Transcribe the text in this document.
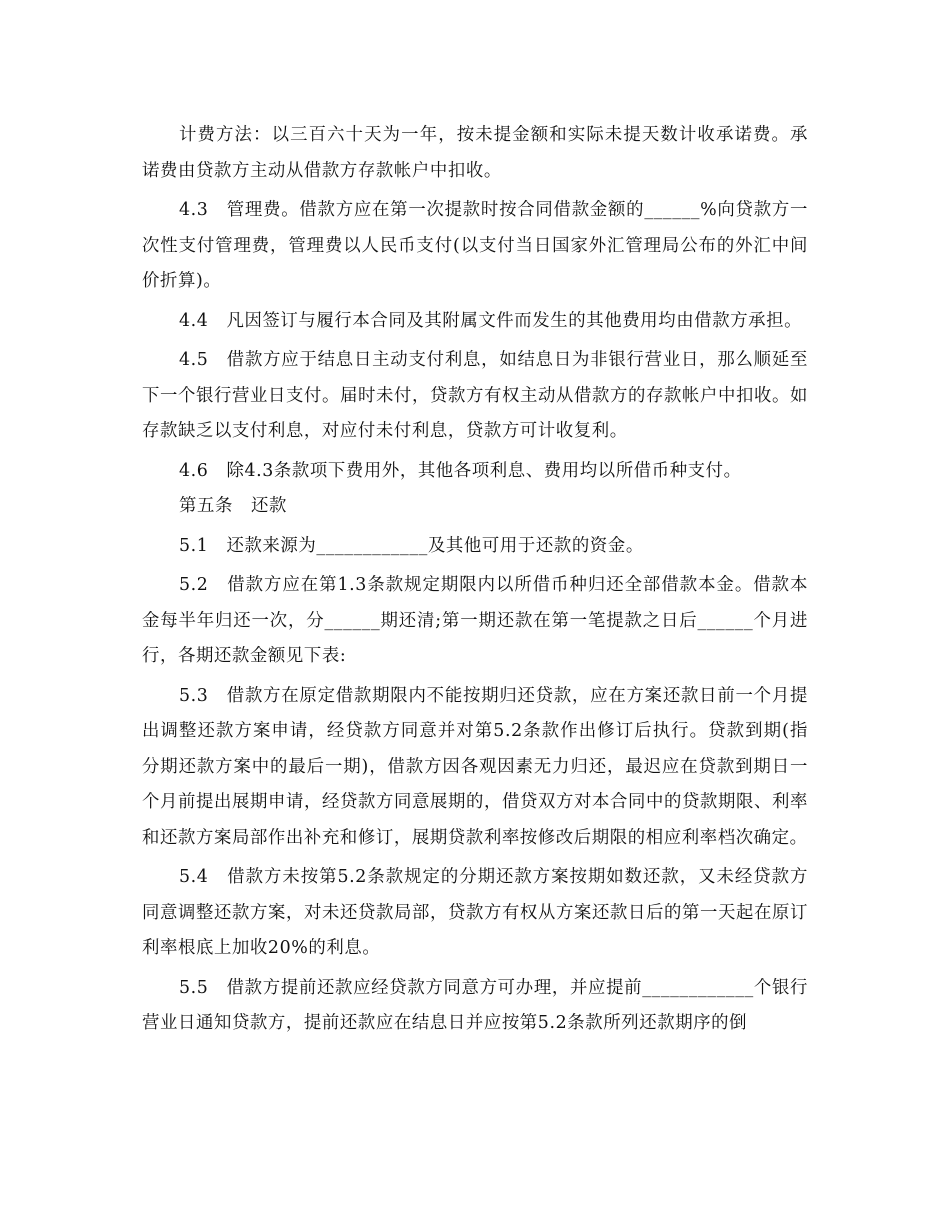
计费方法：以三百六十天为一年，按未提金额和实际未提天数计收承诺费。承诺费由贷款方主动从借款方存款帐户中扣收。

4.3　管理费。借款方应在第一次提款时按合同借款金额的______%向贷款方一次性支付管理费，管理费以人民币支付(以支付当日国家外汇管理局公布的外汇中间价折算)。

4.4　凡因签订与履行本合同及其附属文件而发生的其他费用均由借款方承担。

4.5　借款方应于结息日主动支付利息，如结息日为非银行营业日，那么顺延至下一个银行营业日支付。届时未付，贷款方有权主动从借款方的存款帐户中扣收。如存款缺乏以支付利息，对应付未付利息，贷款方可计收复利。

4.6　除4.3条款项下费用外，其他各项利息、费用均以所借币种支付。

第五条　还款

5.1　还款来源为____________及其他可用于还款的资金。

5.2　借款方应在第1.3条款规定期限内以所借币种归还全部借款本金。借款本金每半年归还一次，分______期还清;第一期还款在第一笔提款之日后______个月进行，各期还款金额见下表:

5.3　借款方在原定借款期限内不能按期归还贷款，应在方案还款日前一个月提出调整还款方案申请，经贷款方同意并对第5.2条款作出修订后执行。贷款到期(指分期还款方案中的最后一期)，借款方因各观因素无力归还，最迟应在贷款到期日一个月前提出展期申请，经贷款方同意展期的，借贷双方对本合同中的贷款期限、利率和还款方案局部作出补充和修订，展期贷款利率按修改后期限的相应利率档次确定。

5.4　借款方未按第5.2条款规定的分期还款方案按期如数还款，又未经贷款方同意调整还款方案，对未还贷款局部，贷款方有权从方案还款日后的第一天起在原订利率根底上加收20%的利息。

5.5　借款方提前还款应经贷款方同意方可办理，并应提前____________个银行营业日通知贷款方，提前还款应在结息日并应按第5.2条款所列还款期序的倒
